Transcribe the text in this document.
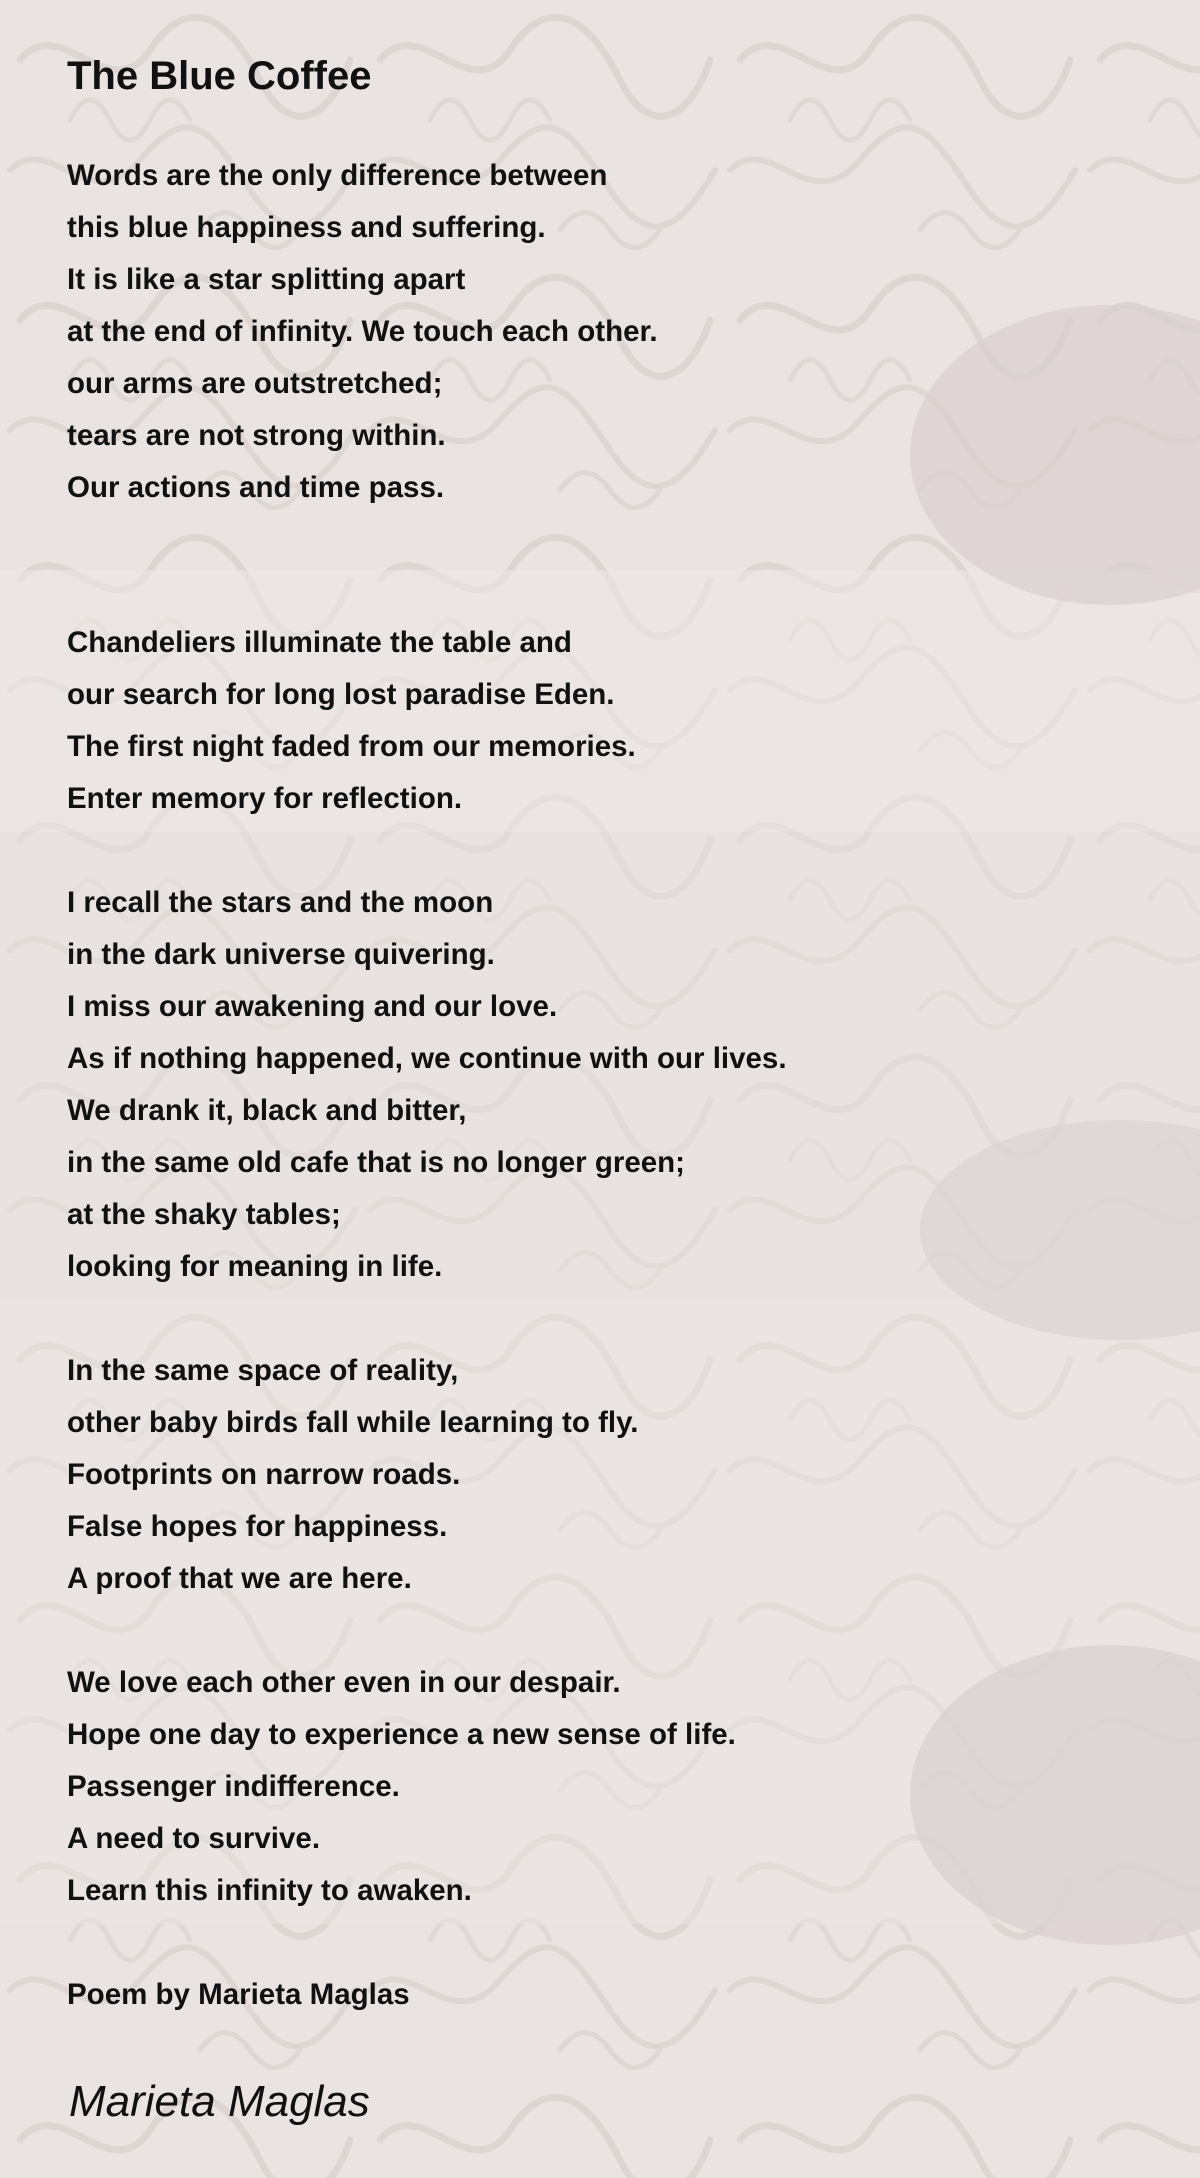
The Blue Coffee
Words are the only difference between
this blue happiness and suffering.
It is like a star splitting apart
at the end of infinity. We touch each other.
our arms are outstretched;
tears are not strong within.
Our actions and time pass.
Chandeliers illuminate the table and
our search for long lost paradise Eden.
The first night faded from our memories.
Enter memory for reflection.
I recall the stars and the moon
in the dark universe quivering.
I miss our awakening and our love.
As if nothing happened, we continue with our lives.
We drank it, black and bitter,
in the same old cafe that is no longer green;
at the shaky tables;
looking for meaning in life.
In the same space of reality,
other baby birds fall while learning to fly.
Footprints on narrow roads.
False hopes for happiness.
A proof that we are here.
We love each other even in our despair.
Hope one day to experience a new sense of life.
Passenger indifference.
A need to survive.
Learn this infinity to awaken.
Poem by Marieta Maglas
Marieta Maglas
